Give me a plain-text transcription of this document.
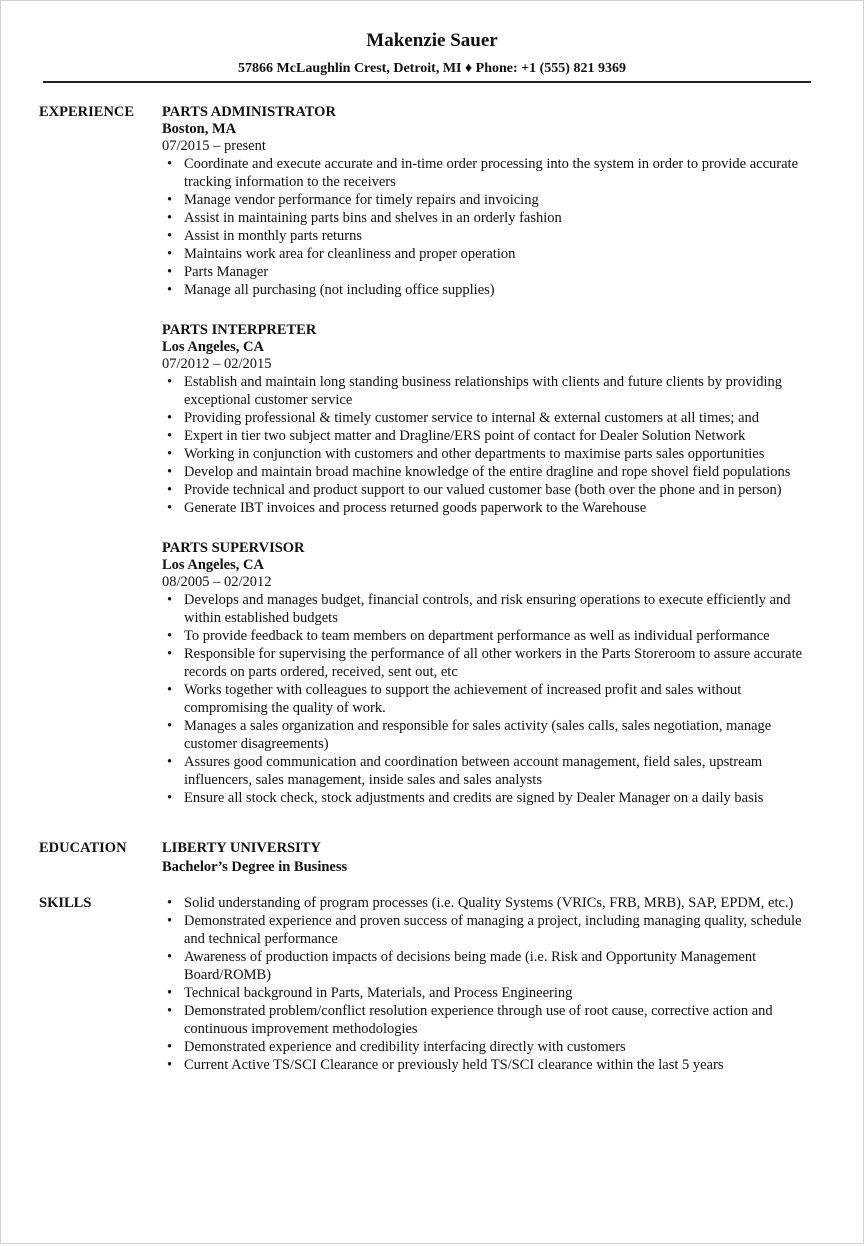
Makenzie Sauer
57866 McLaughlin Crest, Detroit, MI ♦ Phone: +1 (555) 821 9369
EXPERIENCE PARTS ADMINISTRATOR
Boston, MA
07/2015 – present
• Coordinate and execute accurate and in-time order processing into the system in order to provide accurate tracking information to the receivers
• Manage vendor performance for timely repairs and invoicing
• Assist in maintaining parts bins and shelves in an orderly fashion
• Assist in monthly parts returns
• Maintains work area for cleanliness and proper operation
• Parts Manager
• Manage all purchasing (not including office supplies)
PARTS INTERPRETER
Los Angeles, CA
07/2012 – 02/2015
• Establish and maintain long standing business relationships with clients and future clients by providing exceptional customer service
• Providing professional & timely customer service to internal & external customers at all times; and
• Expert in tier two subject matter and Dragline/ERS point of contact for Dealer Solution Network
• Working in conjunction with customers and other departments to maximise parts sales opportunities
• Develop and maintain broad machine knowledge of the entire dragline and rope shovel field populations
• Provide technical and product support to our valued customer base (both over the phone and in person)
• Generate IBT invoices and process returned goods paperwork to the Warehouse
PARTS SUPERVISOR
Los Angeles, CA
08/2005 – 02/2012
• Develops and manages budget, financial controls, and risk ensuring operations to execute efficiently and within established budgets
• To provide feedback to team members on department performance as well as individual performance
• Responsible for supervising the performance of all other workers in the Parts Storeroom to assure accurate records on parts ordered, received, sent out, etc
• Works together with colleagues to support the achievement of increased profit and sales without compromising the quality of work.
• Manages a sales organization and responsible for sales activity (sales calls, sales negotiation, manage customer disagreements)
• Assures good communication and coordination between account management, field sales, upstream influencers, sales management, inside sales and sales analysts
• Ensure all stock check, stock adjustments and credits are signed by Dealer Manager on a daily basis
EDUCATION LIBERTY UNIVERSITY
Bachelor’s Degree in Business
SKILLS
•	Solid understanding of program processes (i.e. Quality Systems (VRICs, FRB, MRB), SAP, EPDM, etc.)
• Demonstrated experience and proven success of managing a project, including managing quality, schedule and technical performance
• Awareness of production impacts of decisions being made (i.e. Risk and Opportunity Management Board/ROMB)
• Technical background in Parts, Materials, and Process Engineering
• Demonstrated problem/conflict resolution experience through use of root cause, corrective action and continuous improvement methodologies
• Demonstrated experience and credibility interfacing directly with customers
• Current Active TS/SCI Clearance or previously held TS/SCI clearance within the last 5 years
